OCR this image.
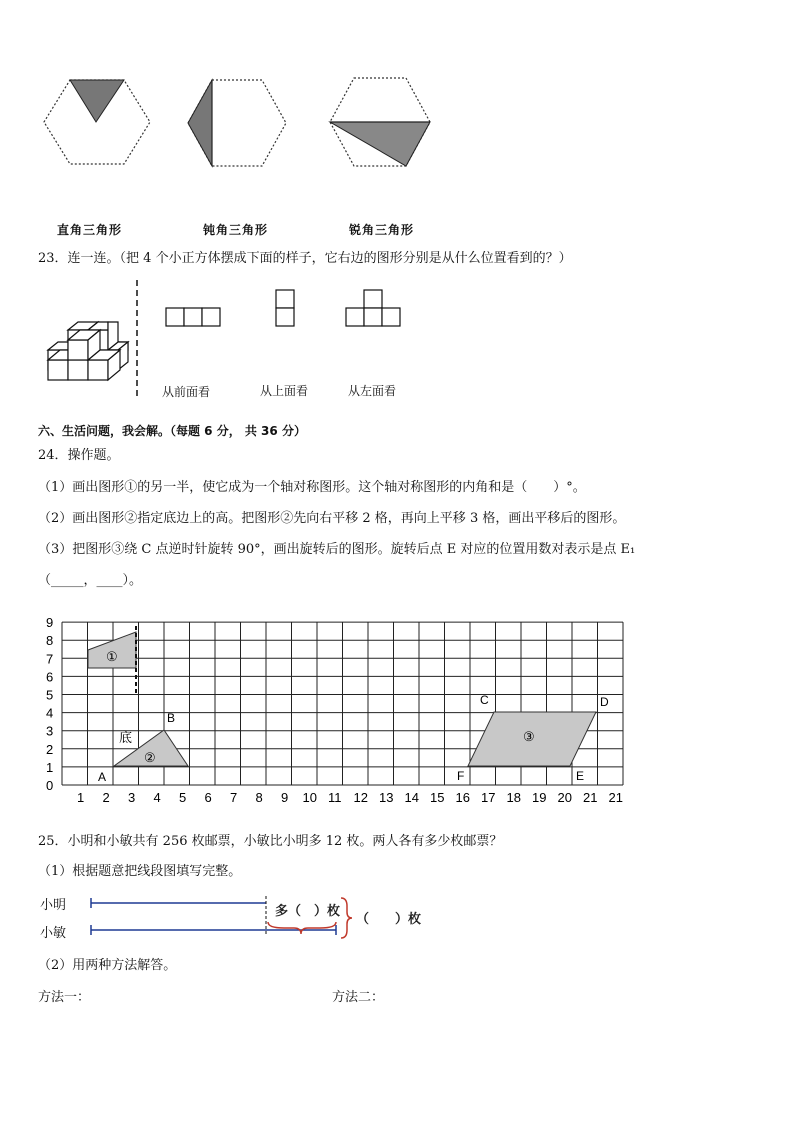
直角三角形	钝角三角形	锐角三角形
23．连一连。（把 4 个小正方体摆成下面的样子，它右边的图形分别是从什么位置看到的？）
从前面看	从上面看	从左面看
六、生活问题，我会解。（每题 6 分， 共 36 分）
24．操作题。
（1）画出图形①的另一半，使它成为一个轴对称图形。这个轴对称图形的内角和是（　　）°。
（2）画出图形②指定底边上的高。把图形②先向右平移 2 格，再向上平移 3 格，画出平移后的图形。
（3）把图形③绕 C 点逆时针旋转 90°，画出旋转后的图形。旋转后点 E 对应的位置用数对表示是点 E₁
（_____，____）。
9
8
7
6
5
4
3
2
1
0
1 2 3 4 5 6 7 8 9 10 11 12 13 14 15 16 17 18 19 20 21 21
①
②
③
底
A
B
C	D
E
F
25．小明和小敏共有 256 枚邮票，小敏比小明多 12 枚。两人各有多少枚邮票？
（1）根据题意把线段图填写完整。
小明
小敏
多（　）枚
（　　）枚
（2）用两种方法解答。
方法一：	方法二：
